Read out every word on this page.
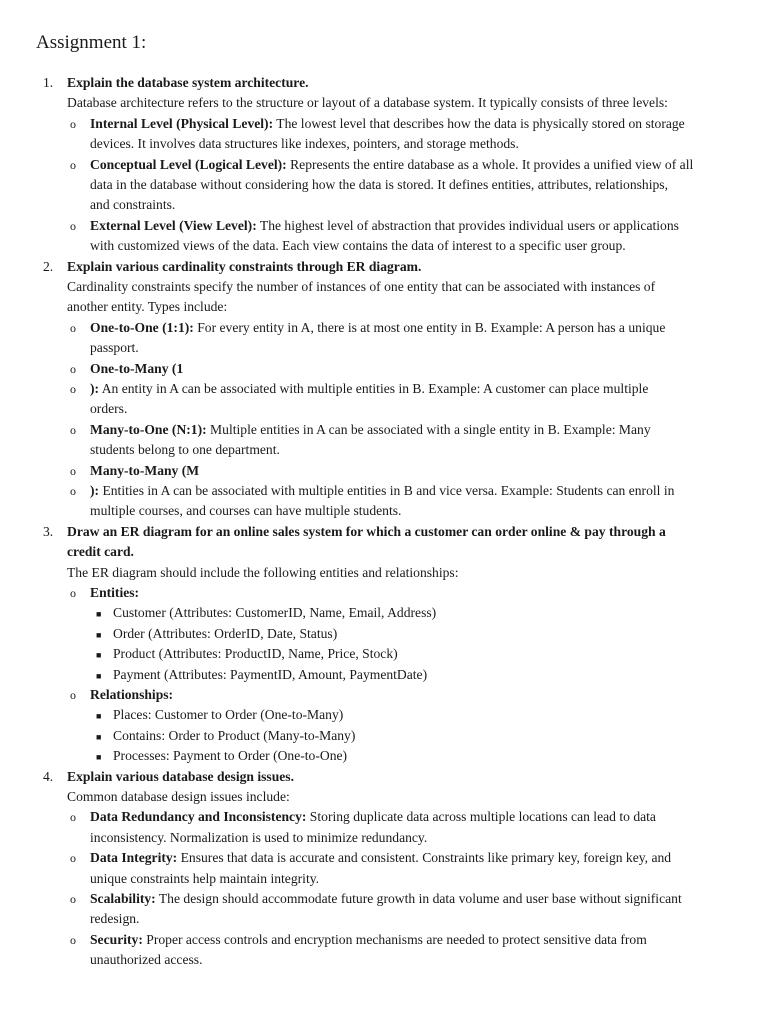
Assignment 1:
1. Explain the database system architecture.
Database architecture refers to the structure or layout of a database system. It typically consists of three levels:
o Internal Level (Physical Level): The lowest level that describes how the data is physically stored on storage
devices. It involves data structures like indexes, pointers, and storage methods.
o Conceptual Level (Logical Level): Represents the entire database as a whole. It provides a unified view of all
data in the database without considering how the data is stored. It defines entities, attributes, relationships,
and constraints.
o External Level (View Level): The highest level of abstraction that provides individual users or applications
with customized views of the data. Each view contains the data of interest to a specific user group.
2. Explain various cardinality constraints through ER diagram.
Cardinality constraints specify the number of instances of one entity that can be associated with instances of
another entity. Types include:
o One-to-One (1:1): For every entity in A, there is at most one entity in B. Example: A person has a unique
passport.
o One-to-Many (1
o ): An entity in A can be associated with multiple entities in B. Example: A customer can place multiple
orders.
o Many-to-One (N:1): Multiple entities in A can be associated with a single entity in B. Example: Many
students belong to one department.
o Many-to-Many (M
o ): Entities in A can be associated with multiple entities in B and vice versa. Example: Students can enroll in
multiple courses, and courses can have multiple students.
3. Draw an ER diagram for an online sales system for which a customer can order online & pay through a
credit card.
The ER diagram should include the following entities and relationships:
o Entities:
■ Customer (Attributes: CustomerID, Name, Email, Address)
■ Order (Attributes: OrderID, Date, Status)
■ Product (Attributes: ProductID, Name, Price, Stock)
■ Payment (Attributes: PaymentID, Amount, PaymentDate)
o Relationships:
■ Places: Customer to Order (One-to-Many)
■ Contains: Order to Product (Many-to-Many)
■ Processes: Payment to Order (One-to-One)
4. Explain various database design issues.
Common database design issues include:
o Data Redundancy and Inconsistency: Storing duplicate data across multiple locations can lead to data
inconsistency. Normalization is used to minimize redundancy.
o Data Integrity: Ensures that data is accurate and consistent. Constraints like primary key, foreign key, and
unique constraints help maintain integrity.
o Scalability: The design should accommodate future growth in data volume and user base without significant
redesign.
o Security: Proper access controls and encryption mechanisms are needed to protect sensitive data from
unauthorized access.
